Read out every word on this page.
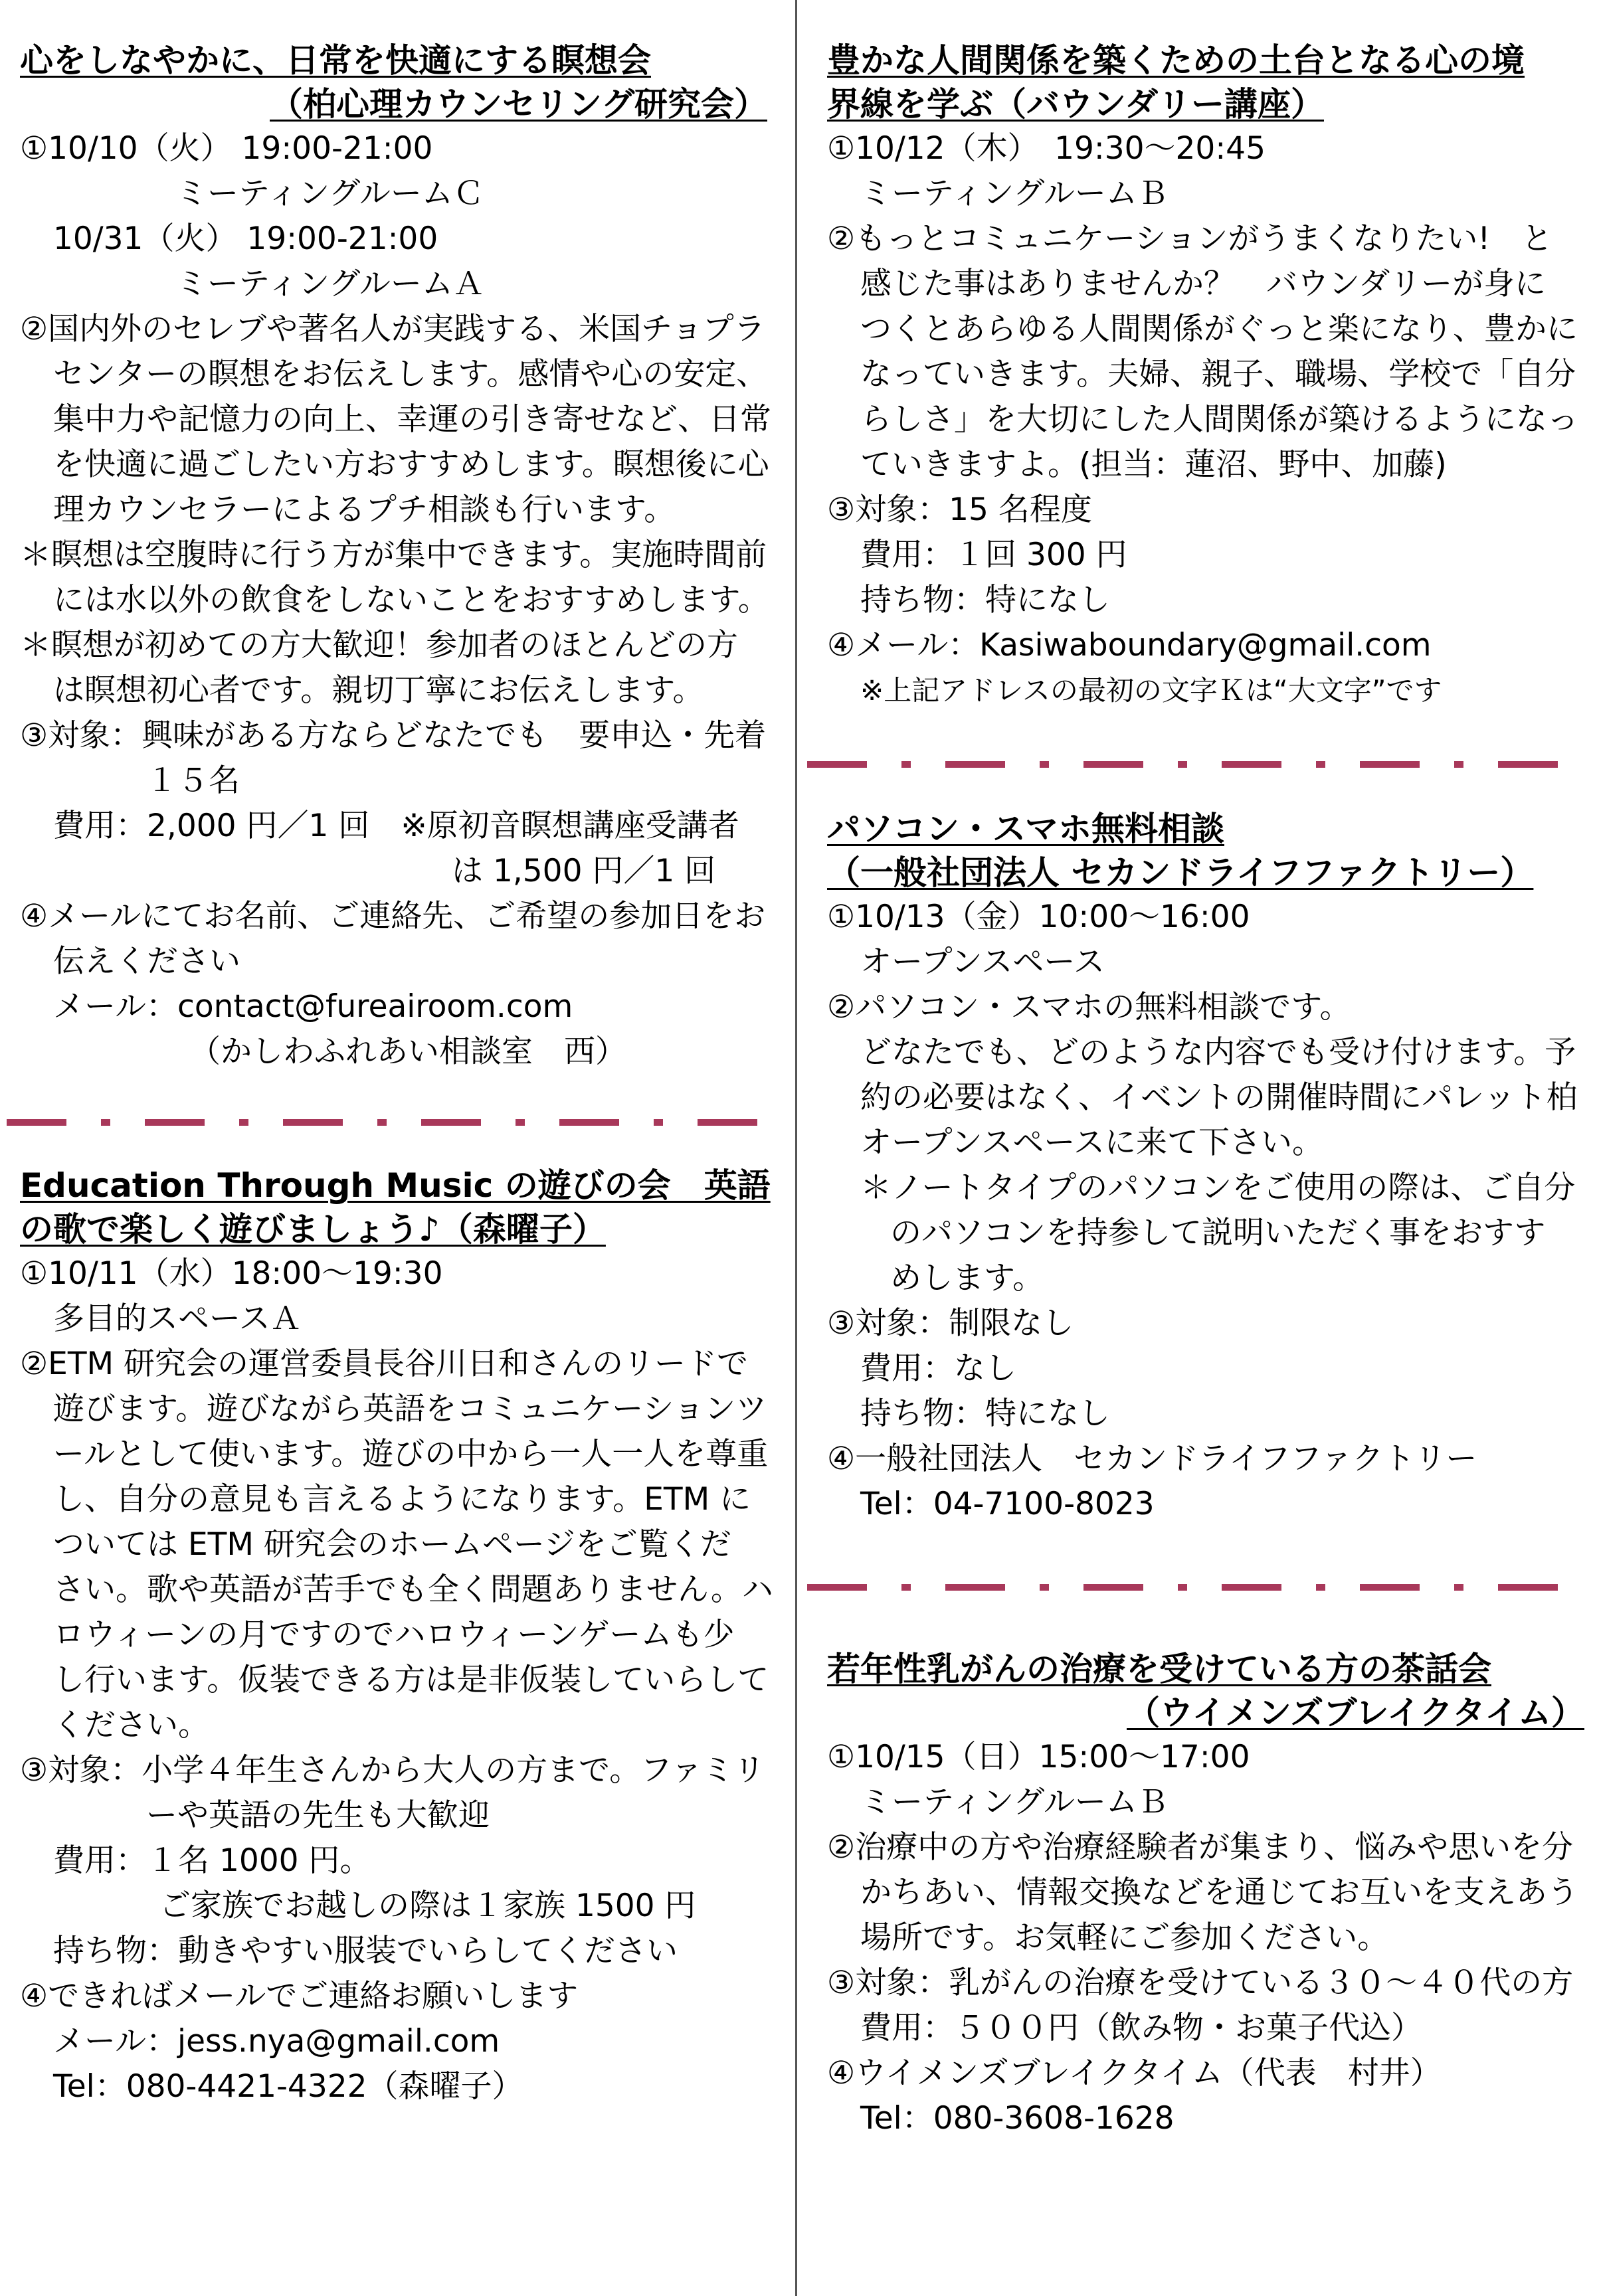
心をしなやかに、日常を快適にする瞑想会
（柏心理カウンセリング研究会）
①10/10（火） 19:00-21:00
ミーティングルームＣ
10/31（火） 19:00-21:00
ミーティングルームＡ
②国内外のセレブや著名人が実践する、米国チョプラ
センターの瞑想をお伝えします。感情や心の安定、
集中力や記憶力の向上、幸運の引き寄せなど、日常
を快適に過ごしたい方おすすめします。瞑想後に心
理カウンセラーによるプチ相談も行います。
＊瞑想は空腹時に行う方が集中できます。実施時間前
には水以外の飲食をしないことをおすすめします。
＊瞑想が初めての方大歓迎！参加者のほとんどの方
は瞑想初心者です。親切丁寧にお伝えします。
③対象：興味がある方ならどなたでも　要申込・先着
１５名
費用：2,000 円／1 回　※原初音瞑想講座受講者
は 1,500 円／1 回
④メールにてお名前、ご連絡先、ご希望の参加日をお
伝えください
メール：contact@fureairoom.com
（かしわふれあい相談室　西）
Education Through Music の遊びの会　英語
の歌で楽しく遊びましょう♪（森曜子）
①10/11（水）18:00～19:30
多目的スペースＡ
②ETM 研究会の運営委員長谷川日和さんのリードで
遊びます。遊びながら英語をコミュニケーションツ
ールとして使います。遊びの中から一人一人を尊重
し、自分の意見も言えるようになります。ETM に
ついては ETM 研究会のホームページをご覧くだ
さい。歌や英語が苦手でも全く問題ありません。ハ
ロウィーンの月ですのでハロウィーンゲームも少
し行います。仮装できる方は是非仮装していらして
ください。
③対象：小学４年生さんから大人の方まで。ファミリ
ーや英語の先生も大歓迎
費用：１名 1000 円。
ご家族でお越しの際は１家族 1500 円
持ち物：動きやすい服装でいらしてください
④できればメールでご連絡お願いします
メール：jess.nya@gmail.com
Tel：080-4421-4322（森曜子）
豊かな人間関係を築くための土台となる心の境
界線を学ぶ（バウンダリー講座）
①10/12（木）　19:30～20:45
ミーティングルームＢ
②もっとコミュニケーションがうまくなりたい!　と
感じた事はありませんか？　バウンダリーが身に
つくとあらゆる人間関係がぐっと楽になり、豊かに
なっていきます。夫婦、親子、職場、学校で「自分
らしさ」を大切にした人間関係が築けるようになっ
ていきますよ。(担当：蓮沼、野中、加藤)
③対象：15 名程度
費用：１回 300 円
持ち物：特になし
④メール：Kasiwaboundary@gmail.com
※上記アドレスの最初の文字Ｋは“大文字”です
パソコン・スマホ無料相談
（一般社団法人 セカンドライフファクトリー）
①10/13（金）10:00～16:00
オープンスペース
②パソコン・スマホの無料相談です。
どなたでも、どのような内容でも受け付けます。予
約の必要はなく、イベントの開催時間にパレット柏
オープンスペースに来て下さい。
＊ノートタイプのパソコンをご使用の際は、ご自分
のパソコンを持参して説明いただく事をおすす
めします。
③対象：制限なし
費用：なし
持ち物：特になし
④一般社団法人　セカンドライフファクトリー
Tel：04-7100-8023
若年性乳がんの治療を受けている方の茶話会
（ウイメンズブレイクタイム）
①10/15（日）15:00～17:00
ミーティングルームＢ
②治療中の方や治療経験者が集まり、悩みや思いを分
かちあい、情報交換などを通じてお互いを支えあう
場所です。お気軽にご参加ください。
③対象：乳がんの治療を受けている３０～４０代の方
費用：５００円（飲み物・お菓子代込）
④ウイメンズブレイクタイム（代表　村井）
Tel：080-3608-1628
